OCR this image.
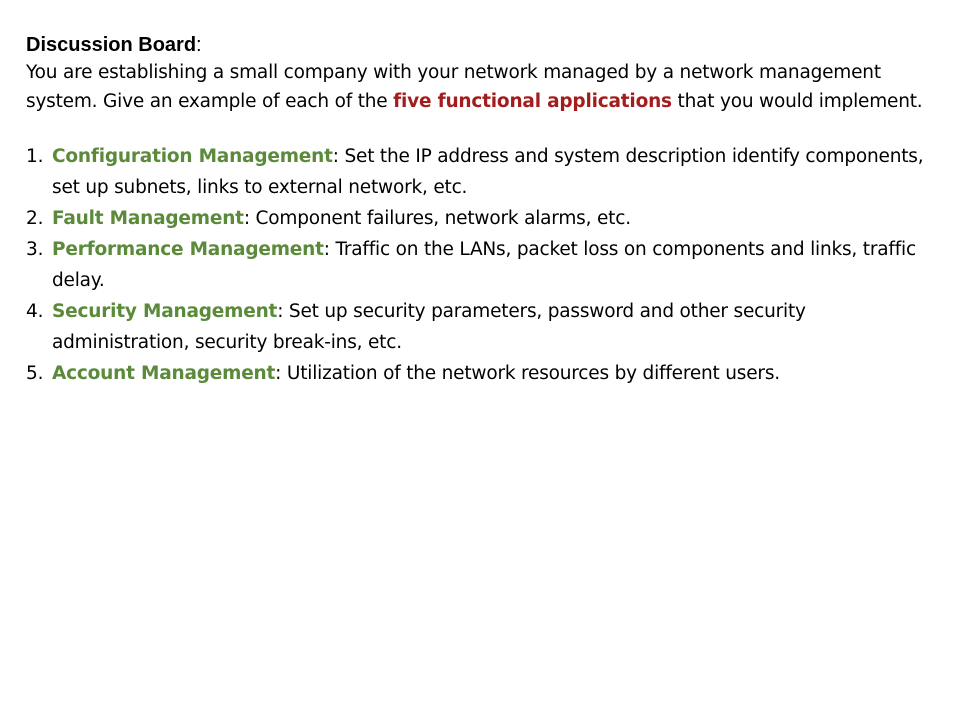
Discussion Board:

You are establishing a small company with your network managed by a network management system. Give an example of each of the five functional applications that you would implement.

1. Configuration Management: Set the IP address and system description identify components, set up subnets, links to external network, etc.
2. Fault Management: Component failures, network alarms, etc.
3. Performance Management: Traffic on the LANs, packet loss on components and links, traffic delay.
4. Security Management: Set up security parameters, password and other security administration, security break-ins, etc.
5. Account Management: Utilization of the network resources by different users.
